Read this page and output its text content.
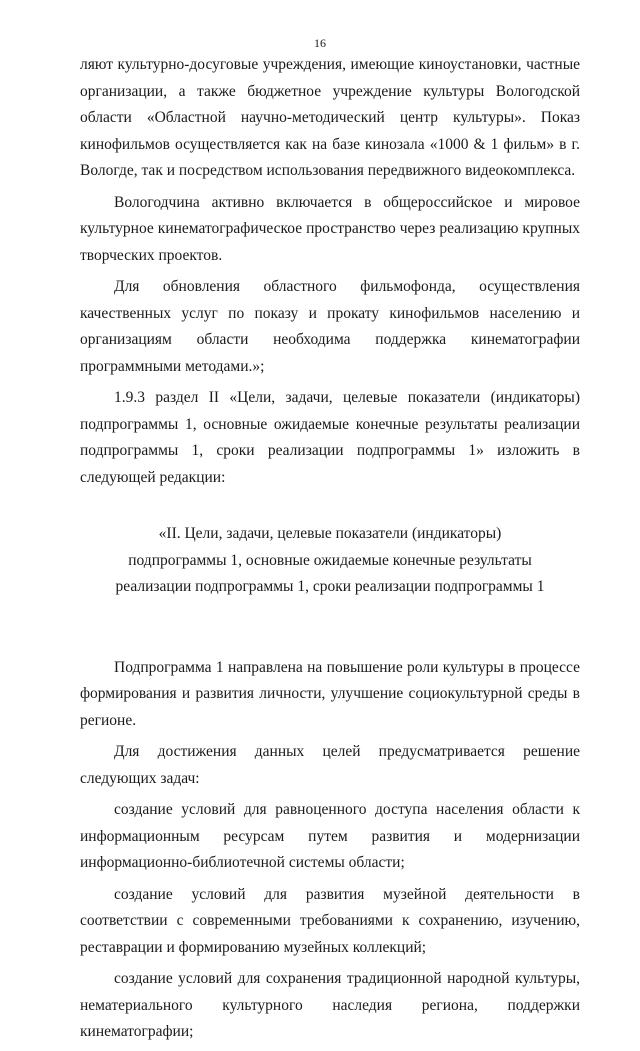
16

ляют культурно-досуговые учреждения, имеющие киноустановки, частные организации, а также бюджетное учреждение культуры Вологодской области «Областной научно-методический центр культуры». Показ кинофильмов осуществляется как на базе кинозала «1000 & 1 фильм» в г. Вологде, так и посредством использования передвижного видеокомплекса.

Вологодчина активно включается в общероссийское и мировое культурное кинематографическое пространство через реализацию крупных творческих проектов.

Для обновления областного фильмофонда, осуществления качественных услуг по показу и прокату кинофильмов населению и организациям области необходима поддержка кинематографии программными методами.»;

1.9.3 раздел II «Цели, задачи, целевые показатели (индикаторы) подпрограммы 1, основные ожидаемые конечные результаты реализации подпрограммы 1, сроки реализации подпрограммы 1» изложить в следующей редакции:

«II. Цели, задачи, целевые показатели (индикаторы)
подпрограммы 1, основные ожидаемые конечные результаты
реализации подпрограммы 1, сроки реализации подпрограммы 1

Подпрограмма 1 направлена на повышение роли культуры в процессе формирования и развития личности, улучшение социокультурной среды в регионе.

Для достижения данных целей предусматривается решение следующих задач:

создание условий для равноценного доступа населения области к информационным ресурсам путем развития и модернизации информационно-библиотечной системы области;

создание условий для развития музейной деятельности в соответствии с современными требованиями к сохранению, изучению, реставрации и формированию музейных коллекций;

создание условий для сохранения традиционной народной культуры, нематериального культурного наследия региона, поддержки кинематографии;
